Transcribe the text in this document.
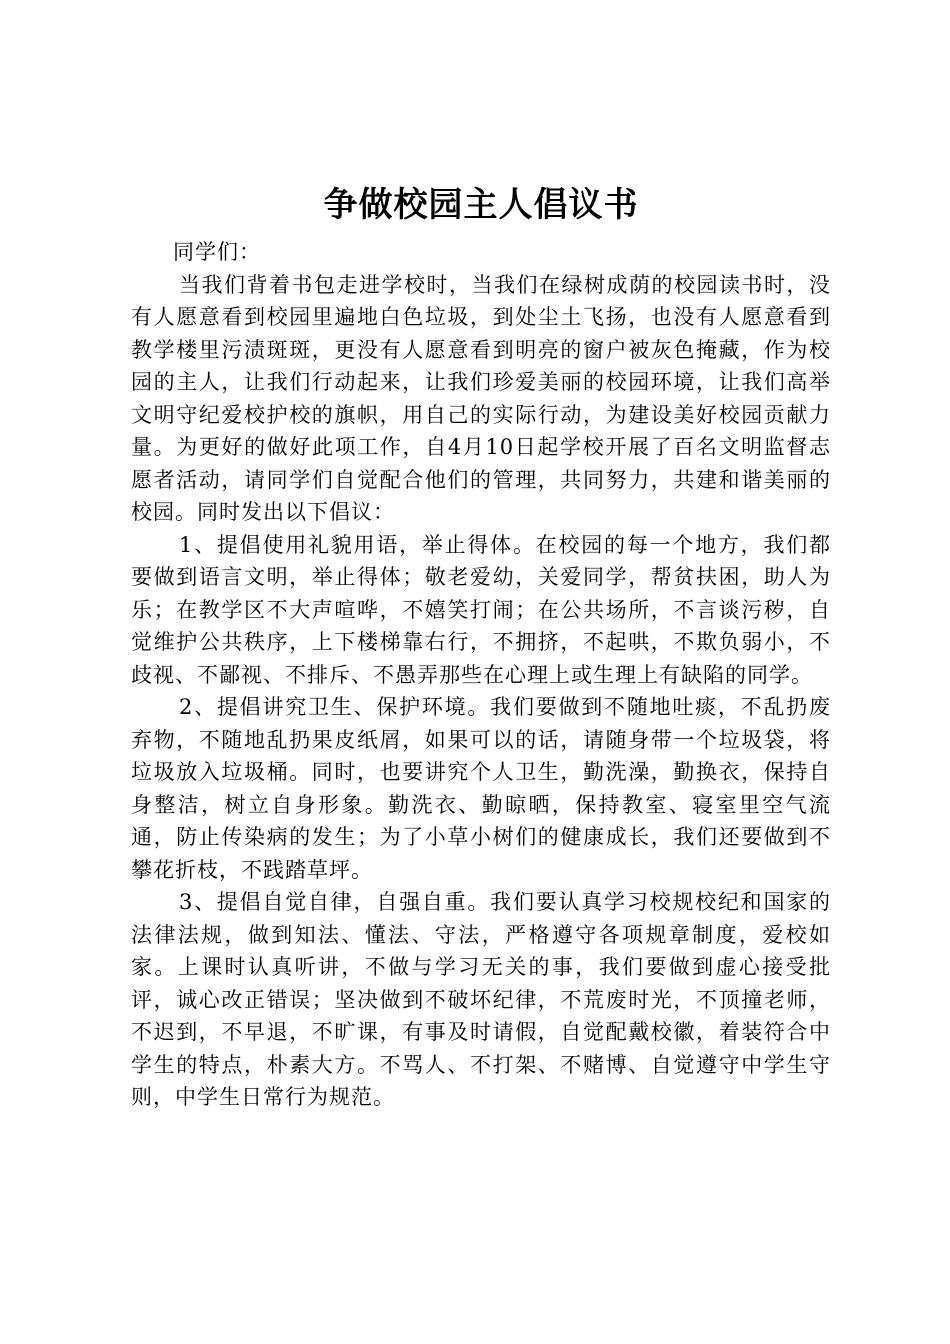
争做校园主人倡议书

同学们：

当我们背着书包走进学校时，当我们在绿树成荫的校园读书时，没有人愿意看到校园里遍地白色垃圾，到处尘土飞扬，也没有人愿意看到教学楼里污渍斑斑，更没有人愿意看到明亮的窗户被灰色掩藏，作为校园的主人，让我们行动起来，让我们珍爱美丽的校园环境，让我们高举文明守纪爱校护校的旗帜，用自己的实际行动，为建设美好校园贡献力量。为更好的做好此项工作，自4月10日起学校开展了百名文明监督志愿者活动，请同学们自觉配合他们的管理，共同努力，共建和谐美丽的校园。同时发出以下倡议：

1、提倡使用礼貌用语，举止得体。在校园的每一个地方，我们都要做到语言文明，举止得体；敬老爱幼，关爱同学，帮贫扶困，助人为乐；在教学区不大声喧哗，不嬉笑打闹；在公共场所，不言谈污秽，自觉维护公共秩序，上下楼梯靠右行，不拥挤，不起哄，不欺负弱小，不歧视、不鄙视、不排斥、不愚弄那些在心理上或生理上有缺陷的同学。

2、提倡讲究卫生、保护环境。我们要做到不随地吐痰，不乱扔废弃物，不随地乱扔果皮纸屑，如果可以的话，请随身带一个垃圾袋，将垃圾放入垃圾桶。同时，也要讲究个人卫生，勤洗澡，勤换衣，保持自身整洁，树立自身形象。勤洗衣、勤晾晒，保持教室、寝室里空气流通，防止传染病的发生；为了小草小树们的健康成长，我们还要做到不攀花折枝，不践踏草坪。

3、提倡自觉自律，自强自重。我们要认真学习校规校纪和国家的法律法规，做到知法、懂法、守法，严格遵守各项规章制度，爱校如家。上课时认真听讲，不做与学习无关的事，我们要做到虚心接受批评，诚心改正错误；坚决做到不破坏纪律，不荒废时光，不顶撞老师，不迟到，不早退，不旷课，有事及时请假，自觉配戴校徽，着装符合中学生的特点，朴素大方。不骂人、不打架、不赌博、自觉遵守中学生守则，中学生日常行为规范。
